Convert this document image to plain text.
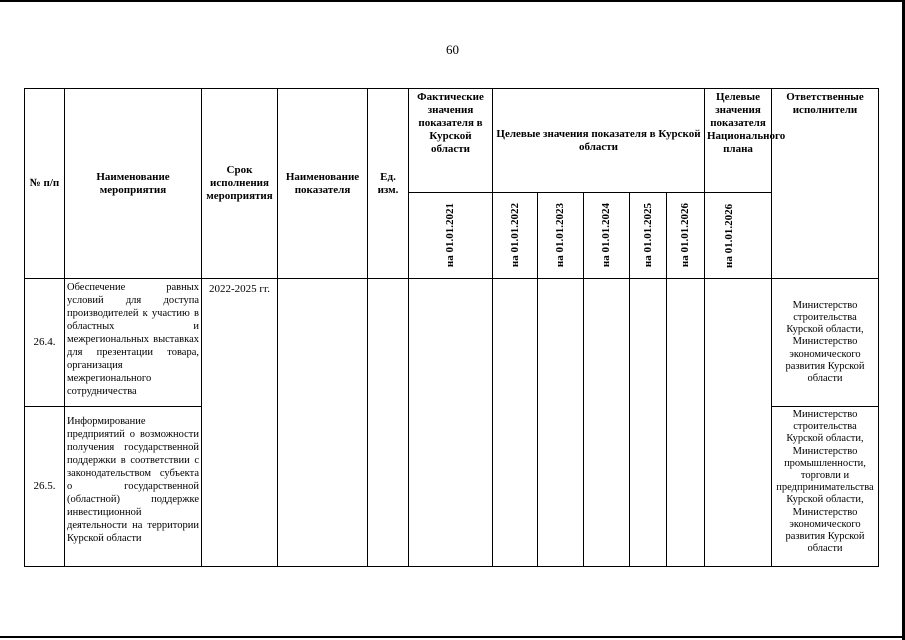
60
№ п/п	Наименование мероприятия	Срок исполнения мероприятия	Наименование показателя	Ед. изм.	Фактические значения показателя в Курской области	Целевые значения показателя в Курской области					Целевые значения показателя Национального плана	Ответственные исполнители

					на 01.01.2021	на 01.01.2022	на 01.01.2023	на 01.01.2024	на 01.01.2025	на 01.01.2026	на 01.01.2026	

26.4.	Обеспечение равных условий для доступа производителей к участию в областных и межрегиональных выставках для презентации товара, организация межрегионального сотрудничества	2022-2025 гг.										Министерство строительства Курской области, Министерство экономического развития Курской области
26.5.	Информирование предприятий о возможности получения государственной поддержки в соответствии с законодательством субъекта о государственной (областной) поддержке инвестиционной деятельности на территории Курской области											Министерство строительства Курской области, Министерство промышленности, торговли и предпринимательства Курской области, Министерство экономического развития Курской области
